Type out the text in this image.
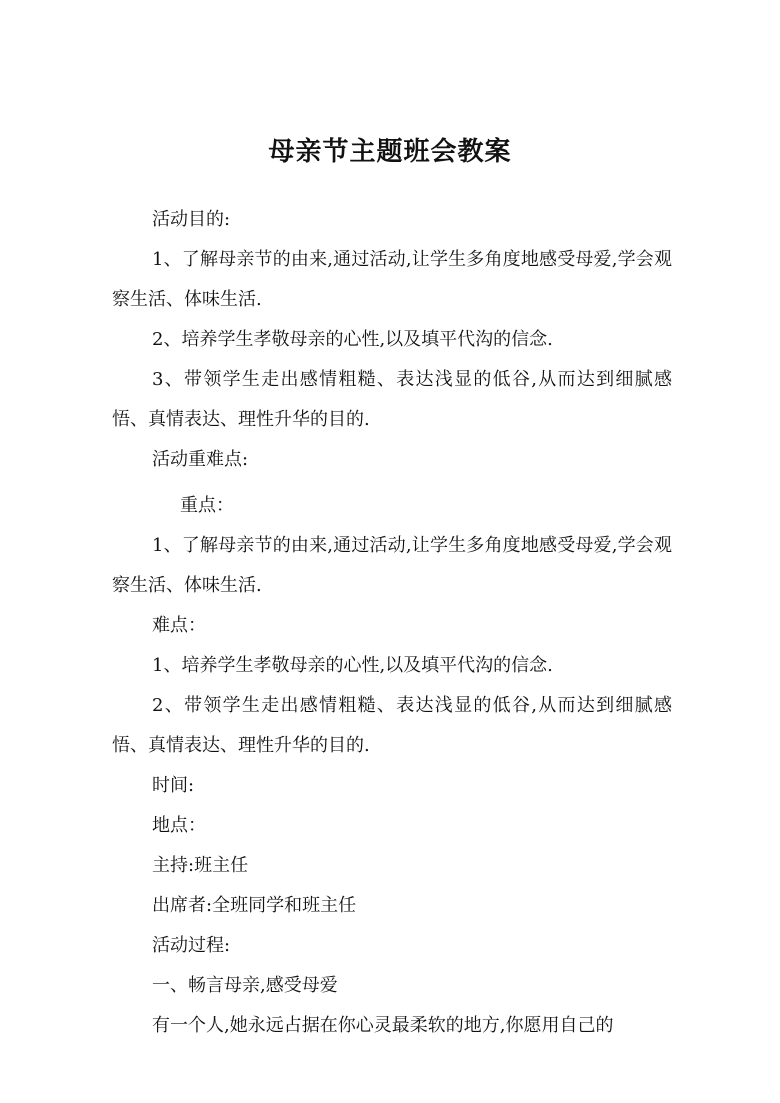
母亲节主题班会教案

活动目的:

1、了解母亲节的由来,通过活动,让学生多角度地感受母爱,学会观察生活、体味生活.

2、培养学生孝敬母亲的心性,以及填平代沟的信念.

3、带领学生走出感情粗糙、表达浅显的低谷,从而达到细腻感悟、真情表达、理性升华的目的.

活动重难点:

重点：

1、了解母亲节的由来,通过活动,让学生多角度地感受母爱,学会观察生活、体味生活.

难点：

1、培养学生孝敬母亲的心性,以及填平代沟的信念.

2、带领学生走出感情粗糙、表达浅显的低谷,从而达到细腻感悟、真情表达、理性升华的目的.

时间:

地点：

主持:班主任

出席者:全班同学和班主任

活动过程:

一、畅言母亲,感受母爱

有一个人,她永远占据在你心灵最柔软的地方,你愿用自己的
